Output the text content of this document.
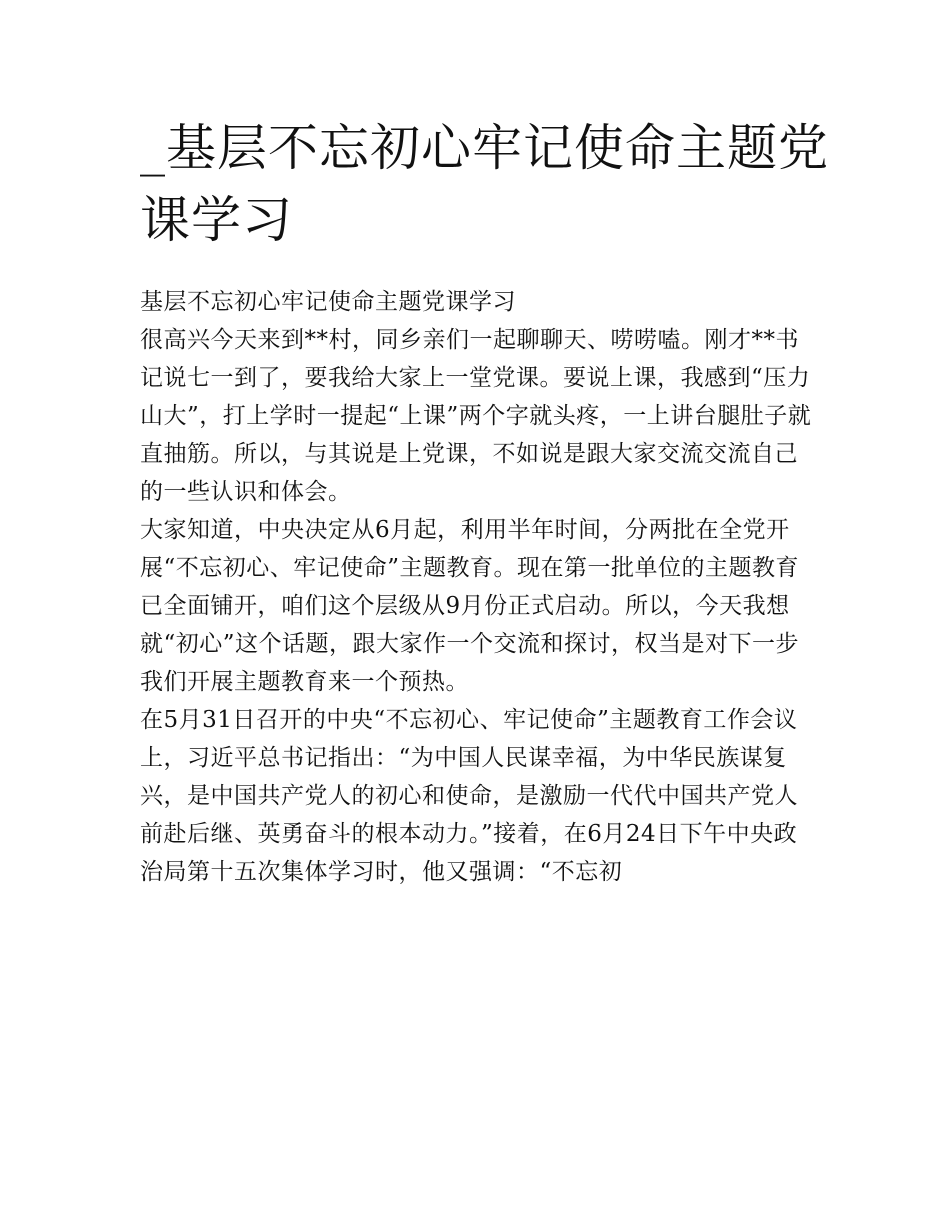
_基层不忘初心牢记使命主题党课学习

基层不忘初心牢记使命主题党课学习

很高兴今天来到**村，同乡亲们一起聊聊天、唠唠嗑。刚才**书记说七一到了，要我给大家上一堂党课。要说上课，我感到“压力山大”，打上学时一提起“上课”两个字就头疼，一上讲台腿肚子就直抽筋。所以，与其说是上党课，不如说是跟大家交流交流自己的一些认识和体会。

大家知道，中央决定从6月起，利用半年时间，分两批在全党开展“不忘初心、牢记使命”主题教育。现在第一批单位的主题教育已全面铺开，咱们这个层级从9月份正式启动。所以，今天我想就“初心”这个话题，跟大家作一个交流和探讨，权当是对下一步我们开展主题教育来一个预热。

在5月31日召开的中央“不忘初心、牢记使命”主题教育工作会议上，习近平总书记指出：“为中国人民谋幸福，为中华民族谋复兴，是中国共产党人的初心和使命，是激励一代代中国共产党人前赴后继、英勇奋斗的根本动力。”接着，在6月24日下午中央政治局第十五次集体学习时，他又强调：“不忘初
